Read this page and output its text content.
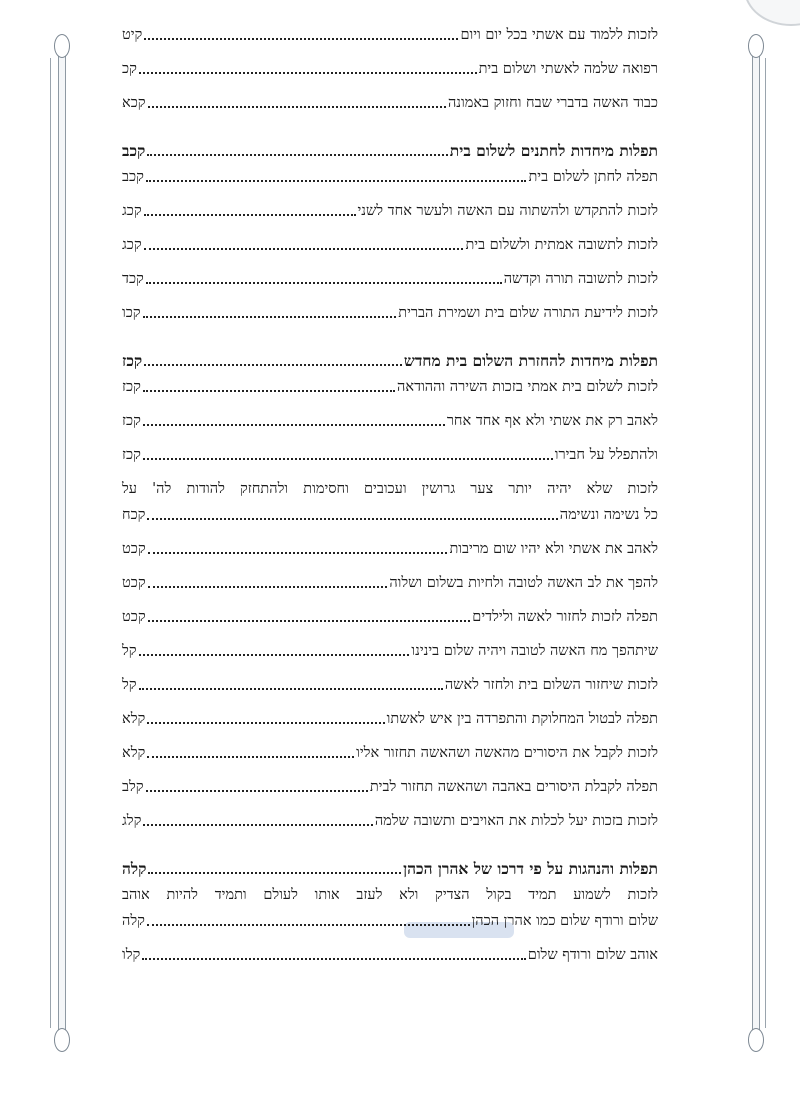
לזכות ללמוד עם אשתי בכל יום ויום
קיט
רפואה שלמה לאשתי ושלום בית
קכ
כבוד האשה בדברי שבח וחזוק באמונה
קכא
תפלות מיחדות לחתנים לשלום בית
קכב
תפלה לחתן לשלום בית
קכב
לזכות להתקדש ולהשתוה עם האשה ולעשר אחד לשני
קכג
לזכות לתשובה אמתית ולשלום בית
קכג
לזכות לתשובה תורה וקדשה
קכד
לזכות לידיעת התורה שלום בית ושמירת הברית
קכו
תפלות מיחדות להחזרת השלום בית מחדש
קכז
לזכות לשלום בית אמתי בזכות השירה וההודאה
קכז
לאהב רק את אשתי ולא אף אחד אחר
קכז
ולהתפלל על חבירו
קכז
לזכות שלא יהיה יותר צער גרושין ועכובים וחסימות ולהתחזק להודות לה' על
כל נשימה ונשימה
קכח
לאהב את אשתי ולא יהיו שום מריבות
קכט
להפך את לב האשה לטובה ולחיות בשלום ושלוה
קכט
תפלה לזכות לחזור לאשה ולילדים
קכט
שיתהפך מח האשה לטובה ויהיה שלום בינינו
קל
לזכות שיחזור השלום בית ולחזר לאשה
קל
תפלה לבטול המחלוקת והתפרדה בין איש לאשתו
קלא
לזכות לקבל את היסורים מהאשה ושהאשה תחזור אליו
קלא
תפלה לקבלת היסורים באהבה ושהאשה תחזור לבית
קלב
לזכות בזכות יעל לכלות את האויבים ותשובה שלמה
קלג
תפלות והנהגות על פי דרכו של אהרן הכהן
קלה
לזכות לשמוע תמיד בקול הצדיק ולא לעזב אותו לעולם ותמיד להיות אוהב
שלום ורודף שלום כמו אהרן הכהן
קלה
אוהב שלום ורודף שלום
קלו
